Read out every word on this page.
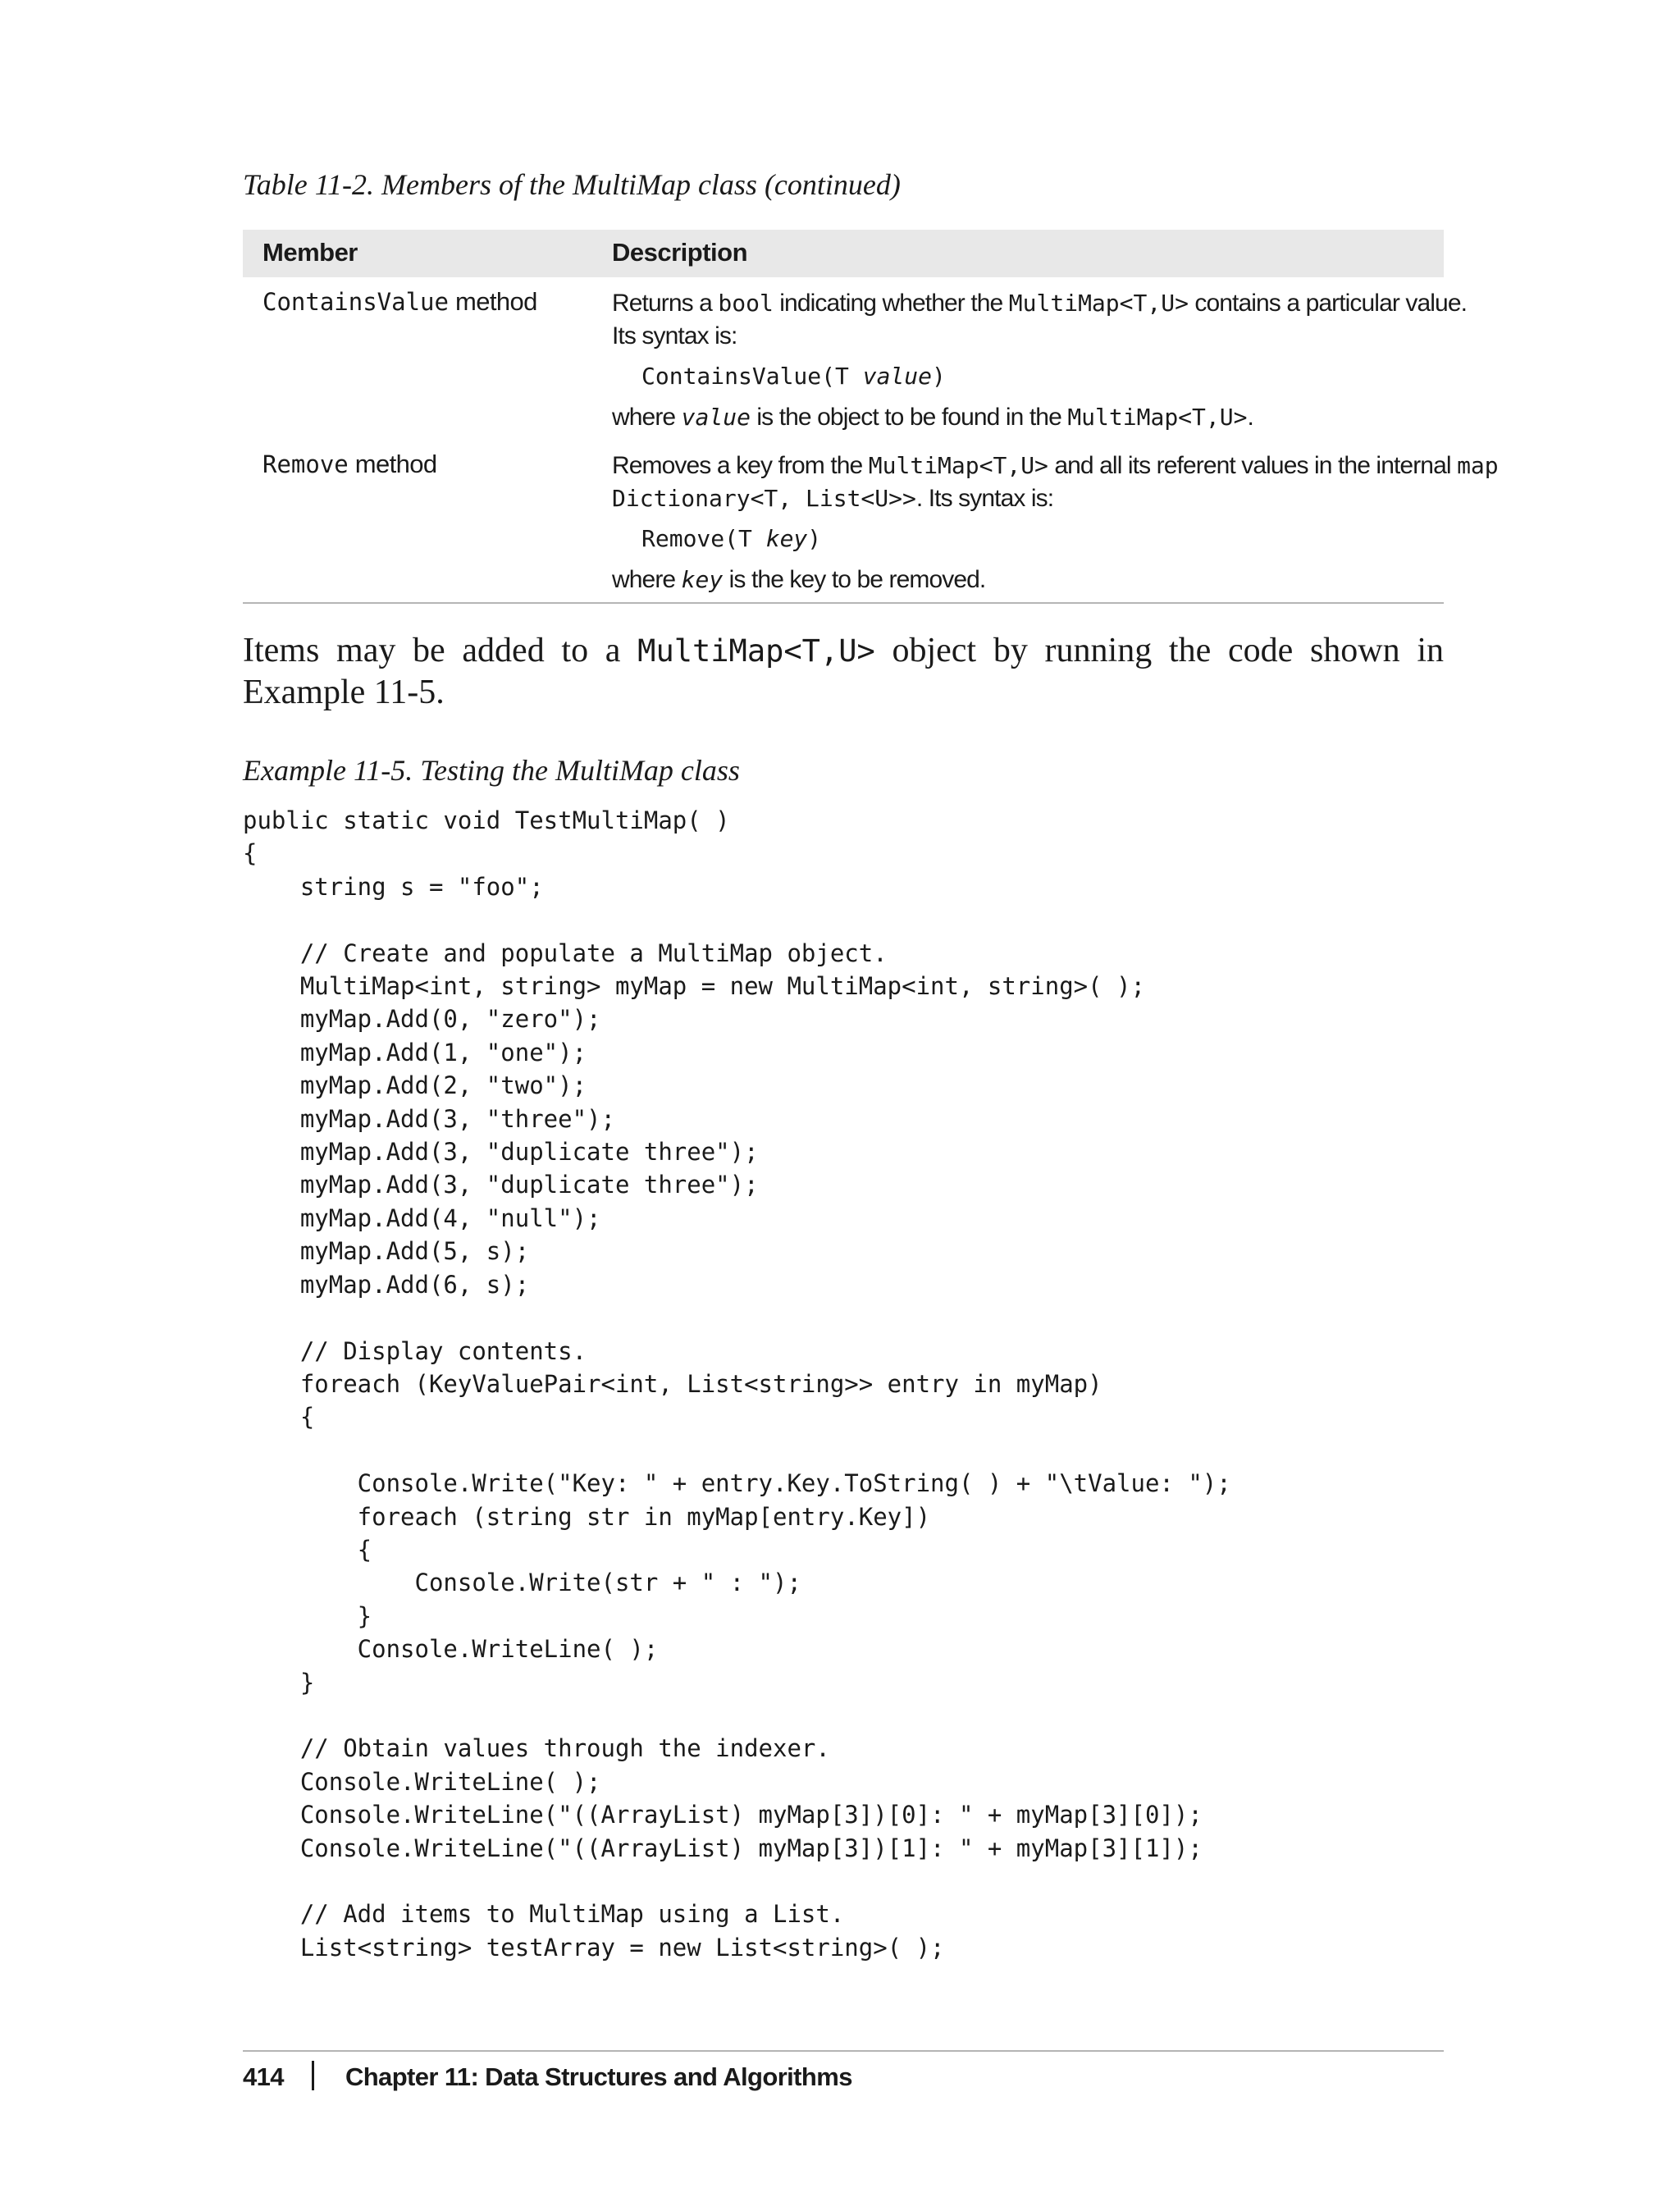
Table 11-2. Members of the MultiMap class (continued)
Member	Description
ContainsValue method	Returns a bool indicating whether the MultiMap<T,U> contains a particular value.
Its syntax is:
ContainsValue(T value)
where value is the object to be found in the MultiMap<T,U>.
Remove method	Removes a key from the MultiMap<T,U> and all its referent values in the internal map
Dictionary<T, List<U>>. Its syntax is:
Remove(T key)
where key is the key to be removed.
Items may be added to a MultiMap<T,U> object by running the code shown in
Example 11-5.
Example 11-5. Testing the MultiMap class
public static void TestMultiMap( )
{
string s = "foo";

// Create and populate a MultiMap object.
MultiMap<int, string> myMap = new MultiMap<int, string>( );
myMap.Add(0, "zero");
myMap.Add(1, "one");
myMap.Add(2, "two");
myMap.Add(3, "three");
myMap.Add(3, "duplicate three");
myMap.Add(3, "duplicate three");
myMap.Add(4, "null");
myMap.Add(5, s);
myMap.Add(6, s);

// Display contents.
foreach (KeyValuePair<int, List<string>> entry in myMap)
{

Console.Write("Key: " + entry.Key.ToString( ) + "\tValue: ");
foreach (string str in myMap[entry.Key])
{
Console.Write(str + " : ");
}
Console.WriteLine( );
}

// Obtain values through the indexer.
Console.WriteLine( );
Console.WriteLine("((ArrayList) myMap[3])[0]: " + myMap[3][0]);
Console.WriteLine("((ArrayList) myMap[3])[1]: " + myMap[3][1]);

// Add items to MultiMap using a List.
List<string> testArray = new List<string>( );

414 Chapter 11: Data Structures and Algorithms
